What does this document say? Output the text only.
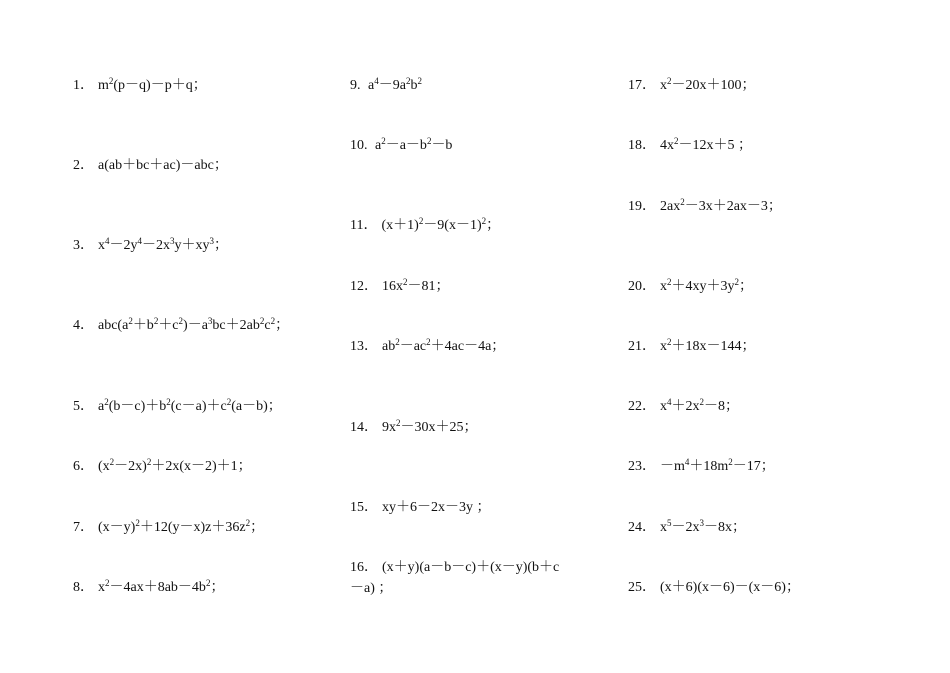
1． $m^2(p-q)-p+q$；
2． a(ab＋bc＋ac)－abc；
3． $x^4-2y^4-2x^3y+xy^3$；
4． $abc(a^2+b^2+c^2)-a^3bc+2ab^2c^2$；
5． $a^2(b-c)+b^2(c-a)+c^2(a-b)$；
6． $(x^2-2x)^2+2x(x-2)+1$；
7． $(x-y)^2+12(y-x)z+36z^2$；
8． $x^2-4ax+8ab-4b^2$；
9. $a^4-9a^2b^2$
10. $a^2-a-b^2-b$
11． $(x+1)^2-9(x-1)^2$；
12． $16x^2-81$；
13． $ab^2-ac^2+4ac-4a$；
14． $9x^2-30x+25$；
15． xy＋6－2x－3y ；
16． (x＋y)(a－b－c)＋(x－y)(b＋c
－a) ；
17． $x^2-20x+100$；
18． $4x^2-12x+5$ ；
19． $2ax^2-3x+2ax-3$；
20． $x^2+4xy+3y^2$；
21． $x^2+18x-144$；
22． $x^4+2x^2-8$；
23． $-m^4+18m^2-17$；
24． $x^5-2x^3-8x$；
25． (x＋6)(x－6)－(x－6)；
